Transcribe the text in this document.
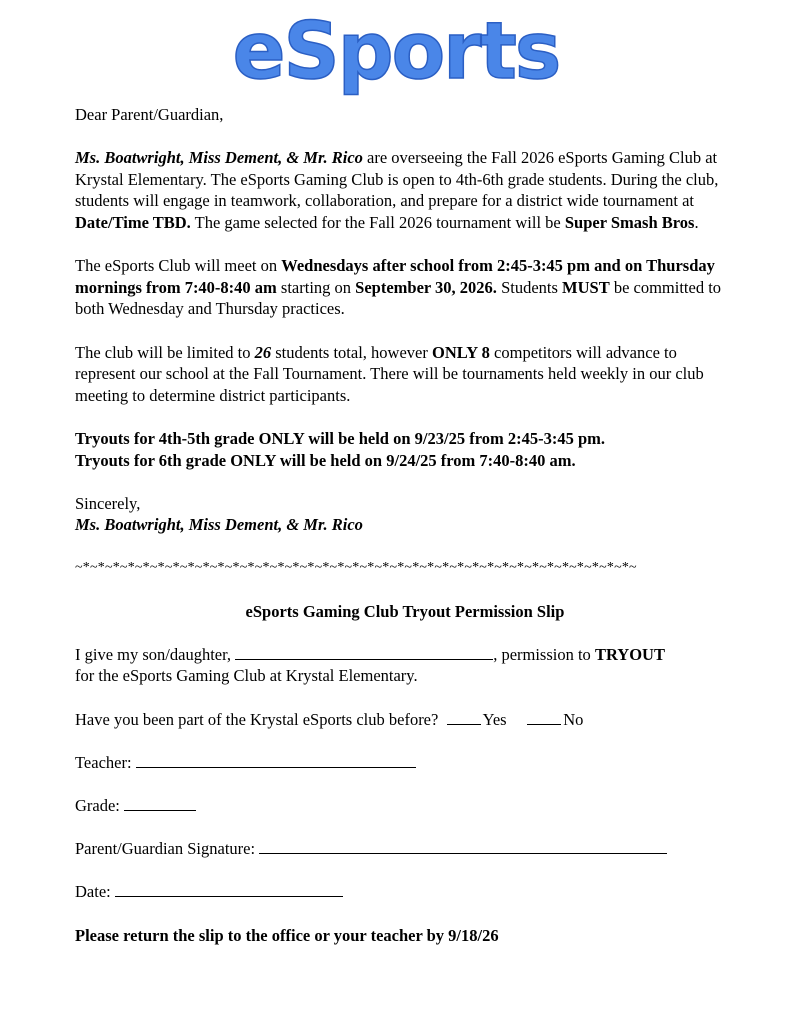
eSports

Dear Parent/Guardian,

Ms. Boatwright, Miss Dement, & Mr. Rico are overseeing the Fall 2026 eSports Gaming Club at Krystal Elementary. The eSports Gaming Club is open to 4th-6th grade students. During the club, students will engage in teamwork, collaboration, and prepare for a district wide tournament at Date/Time TBD. The game selected for the Fall 2026 tournament will be Super Smash Bros.

The eSports Club will meet on Wednesdays after school from 2:45-3:45 pm and on Thursday mornings from 7:40-8:40 am starting on September 30, 2026. Students MUST be committed to both Wednesday and Thursday practices.

The club will be limited to 26 students total, however ONLY 8 competitors will advance to represent our school at the Fall Tournament. There will be tournaments held weekly in our club meeting to determine district participants.

Tryouts for 4th-5th grade ONLY will be held on 9/23/25 from 2:45-3:45 pm.

Tryouts for 6th grade ONLY will be held on 9/24/25 from 7:40-8:40 am.

Sincerely,

Ms. Boatwright, Miss Dement, & Mr. Rico

~*~*~*~*~*~*~*~*~*~*~*~*~*~*~*~*~*~*~*~*~*~*~*~*~*~*~*~*~*~*~*~*~*~*~*~*~*~

eSports Gaming Club Tryout Permission Slip

I give my son/daughter,	, permission to TRYOUT

for the eSports Gaming Club at Krystal Elementary.

Have you been part of the Krystal eSports club before?	Yes	No

Teacher:

Grade:

Parent/Guardian Signature:

Date:

Please return the slip to the office or your teacher by 9/18/26
